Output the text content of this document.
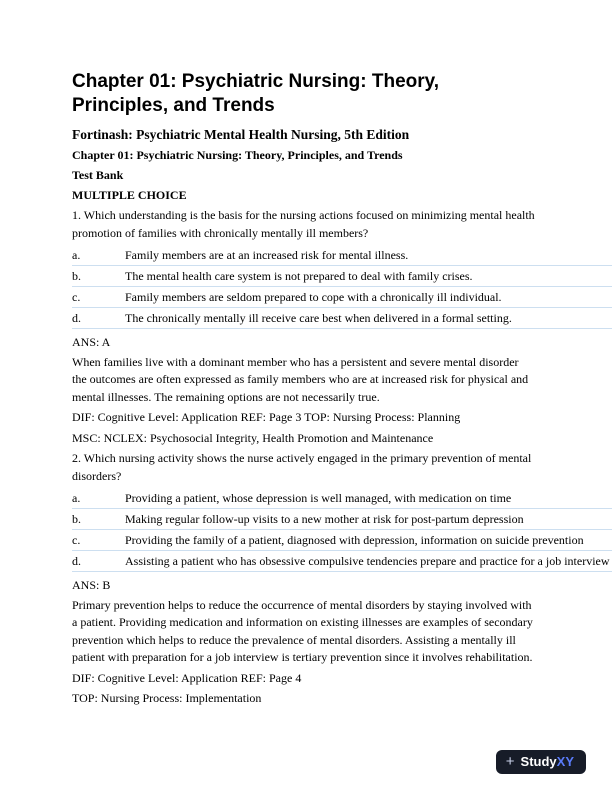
Chapter 01: Psychiatric Nursing: Theory, Principles, and Trends
Fortinash: Psychiatric Mental Health Nursing, 5th Edition
Chapter 01: Psychiatric Nursing: Theory, Principles, and Trends
Test Bank
MULTIPLE CHOICE

1. Which understanding is the basis for the nursing actions focused on minimizing mental health promotion of families with chronically mentally ill members?

a.	Family members are at an increased risk for mental illness.
b.	The mental health care system is not prepared to deal with family crises.
c.	Family members are seldom prepared to cope with a chronically ill individual.
d.	The chronically mentally ill receive care best when delivered in a formal setting.

ANS: A

When families live with a dominant member who has a persistent and severe mental disorder the outcomes are often expressed as family members who are at increased risk for physical and mental illnesses. The remaining options are not necessarily true.

DIF: Cognitive Level: Application REF: Page 3 TOP: Nursing Process: Planning

MSC: NCLEX: Psychosocial Integrity, Health Promotion and Maintenance

2. Which nursing activity shows the nurse actively engaged in the primary prevention of mental disorders?

a.	Providing a patient, whose depression is well managed, with medication on time
b.	Making regular follow-up visits to a new mother at risk for post-partum depression
c.	Providing the family of a patient, diagnosed with depression, information on suicide prevention
d.	Assisting a patient who has obsessive compulsive tendencies prepare and practice for a job interview

ANS: B

Primary prevention helps to reduce the occurrence of mental disorders by staying involved with a patient. Providing medication and information on existing illnesses are examples of secondary prevention which helps to reduce the prevalence of mental disorders. Assisting a mentally ill patient with preparation for a job interview is tertiary prevention since it involves rehabilitation.

DIF: Cognitive Level: Application REF: Page 4

TOP: Nursing Process: Implementation

+ Study XY
